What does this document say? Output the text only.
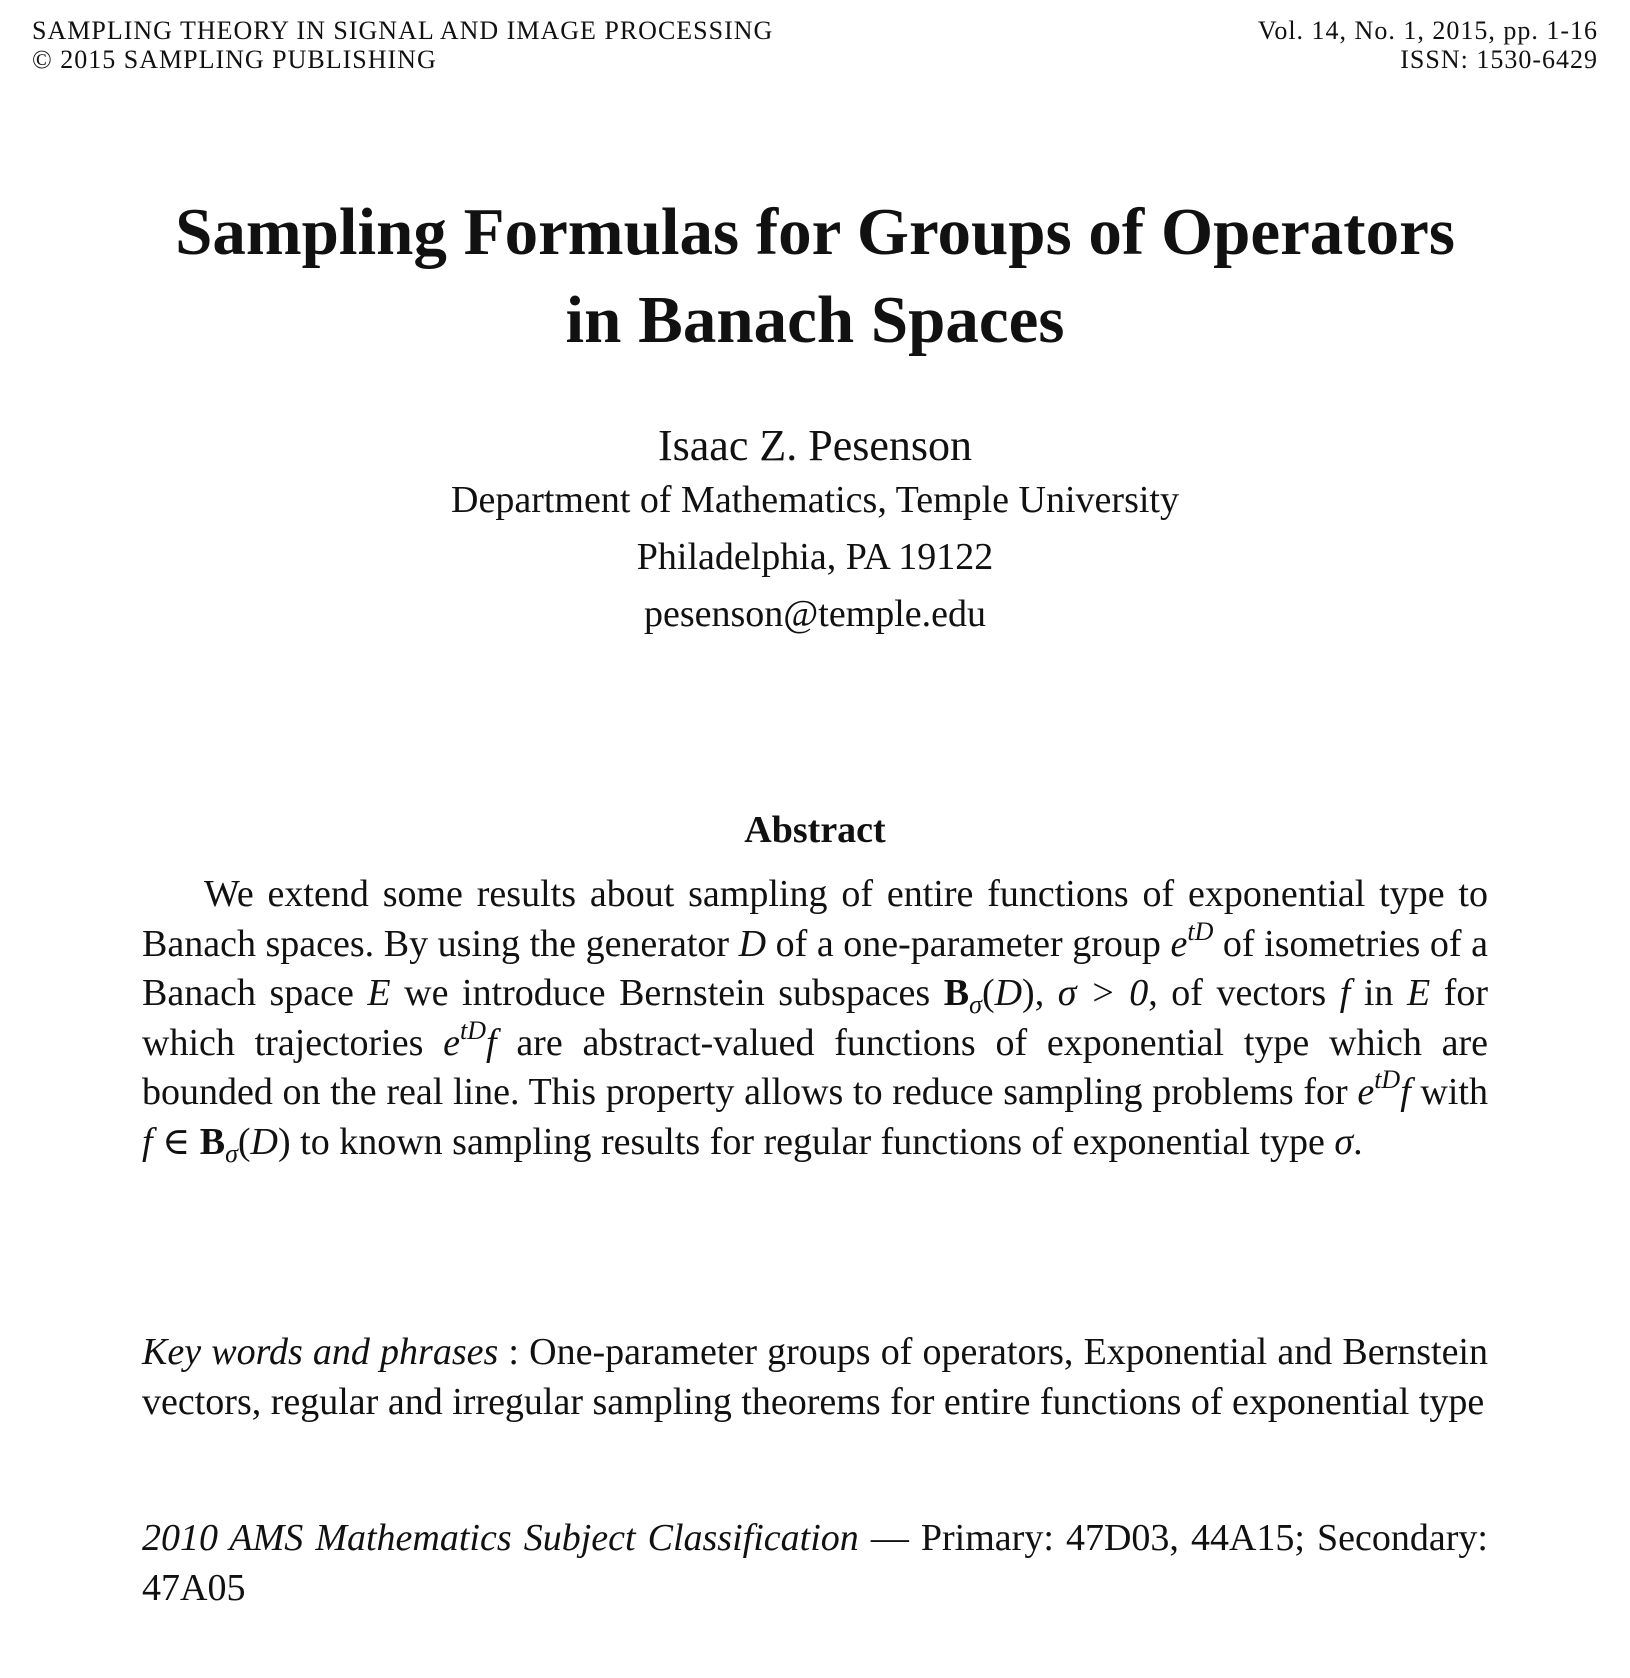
SAMPLING THEORY IN SIGNAL AND IMAGE PROCESSING
© 2015 SAMPLING PUBLISHING
Vol. 14, No. 1, 2015, pp. 1-16
ISSN: 1530-6429
Sampling Formulas for Groups of Operators
in Banach Spaces
Isaac Z. Pesenson
Department of Mathematics, Temple University
Philadelphia, PA 19122
pesenson@temple.edu
Abstract

We extend some results about sampling of entire functions of exponential type to Banach spaces. By using the generator D of a one-parameter group $e^{tD}$ of isometries of a Banach space E we introduce Bernstein subspaces $B_\sigma(D)$, σ > 0, of vectors f in E for which trajectories $e^{tD}f$ are abstract-valued functions of exponential type which are bounded on the real line. This property allows to reduce sampling problems for $e^{tD}f$ with f ∈ $B_\sigma(D)$ to known sampling results for regular functions of exponential type σ.

Key words and phrases : One-parameter groups of operators, Exponential and Bernstein vectors, regular and irregular sampling theorems for entire functions of exponential type

2010 AMS Mathematics Subject Classification — Primary: 47D03, 44A15; Secondary: 47A05
